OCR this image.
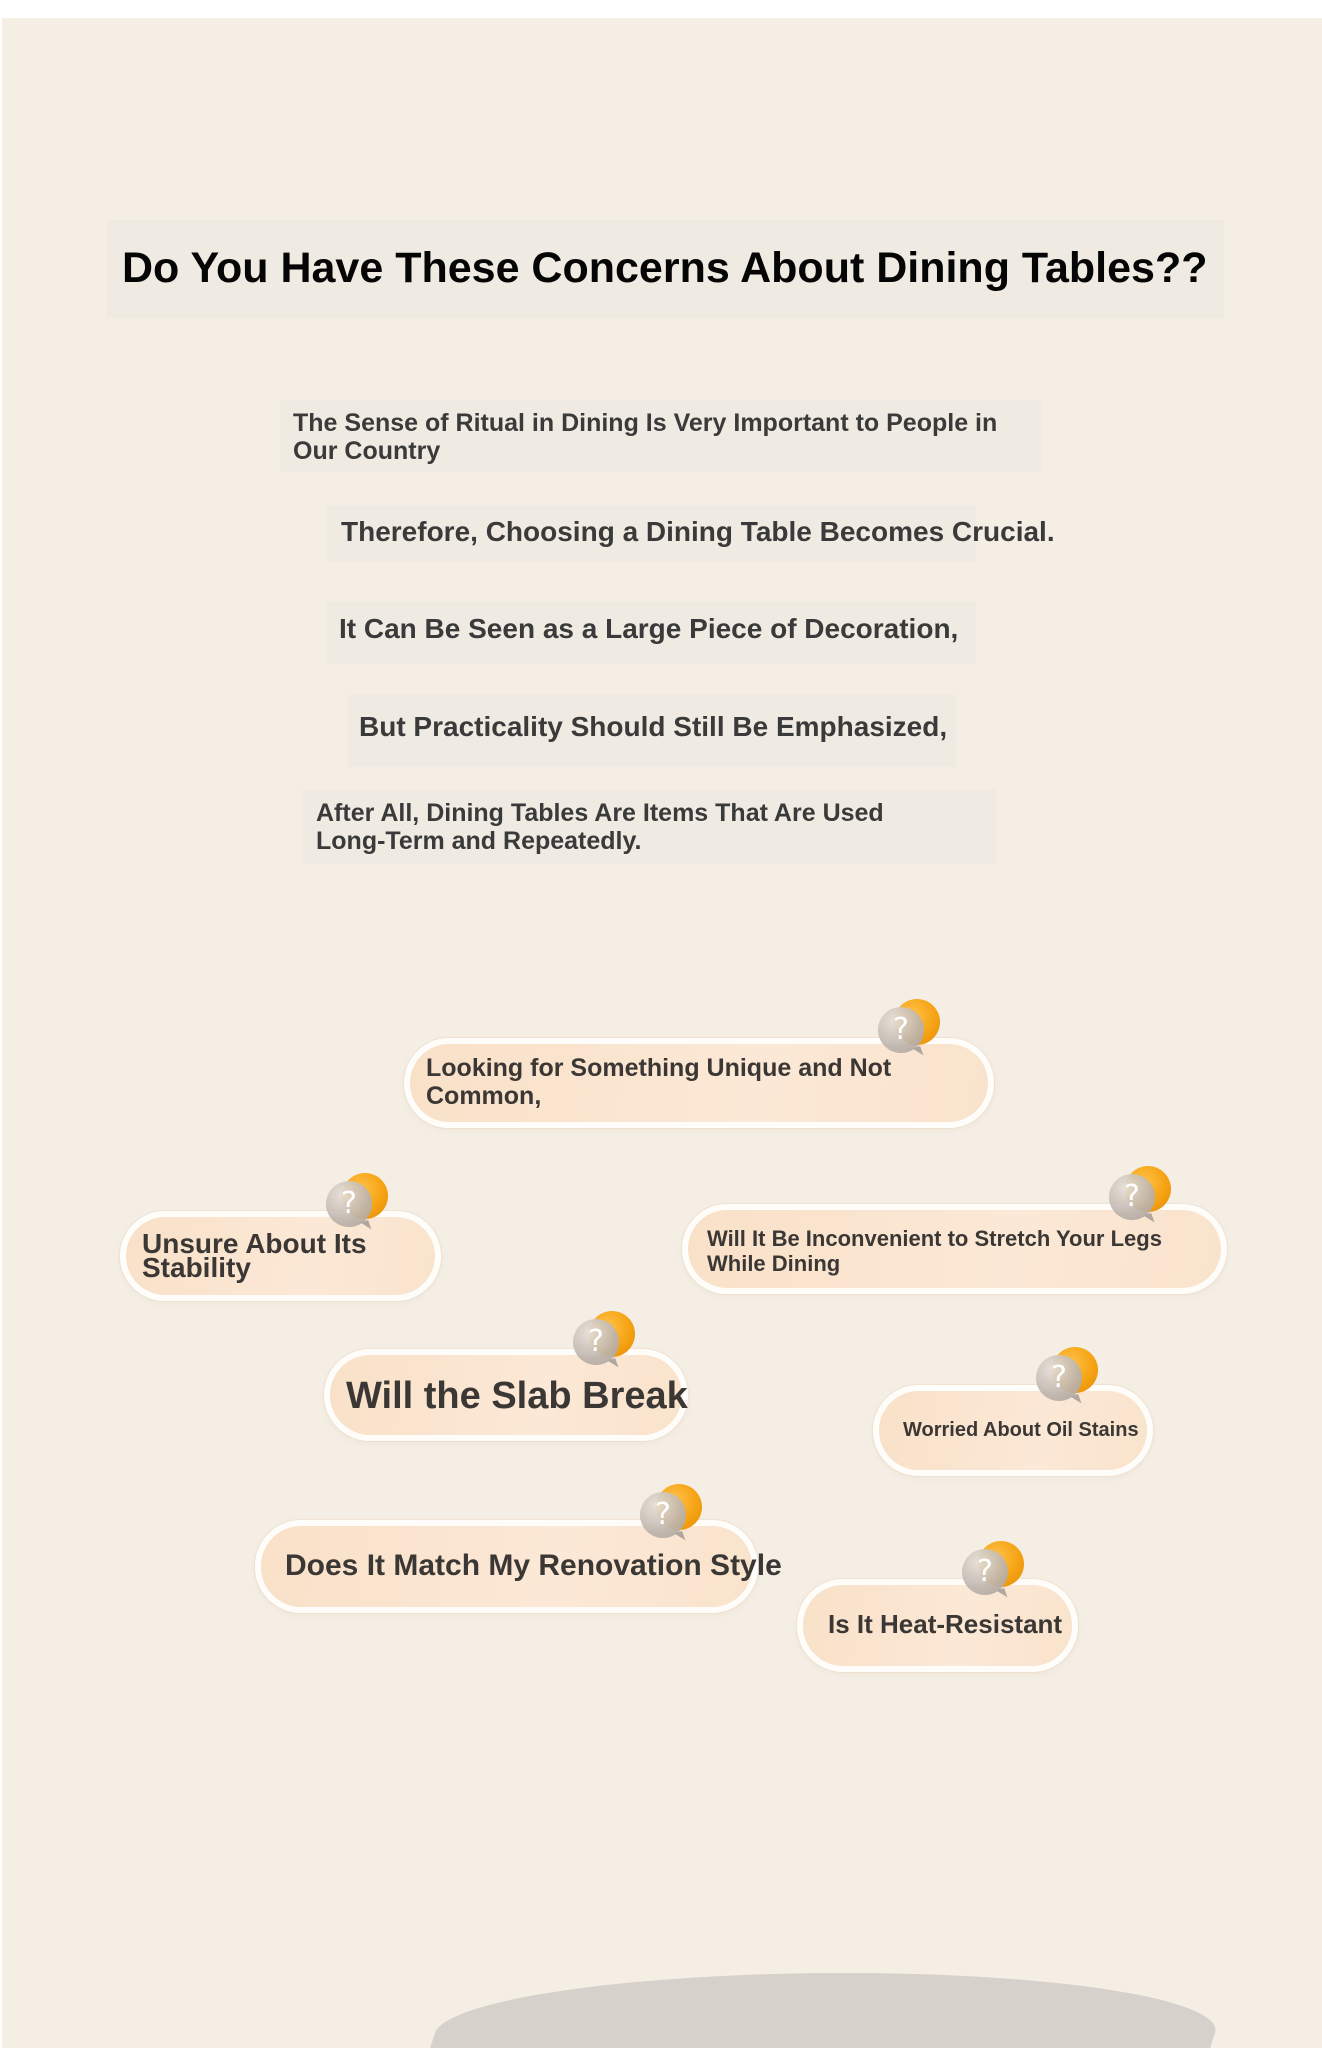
Do You Have These Concerns About Dining Tables??
The Sense of Ritual in Dining Is Very Important to People in
Our Country
Therefore, Choosing a Dining Table Becomes Crucial.
It Can Be Seen as a Large Piece of Decoration,
But Practicality Should Still Be Emphasized,
After All, Dining Tables Are Items That Are Used
Long-Term and Repeatedly.
Looking for Something Unique and Not
Common,
?
Unsure About Its
Stability
?
Will It Be Inconvenient to Stretch Your Legs
While Dining
?
Will the Slab Break
?
Worried About Oil Stains
?
Does It Match My Renovation Style
?
Is It Heat-Resistant
?
